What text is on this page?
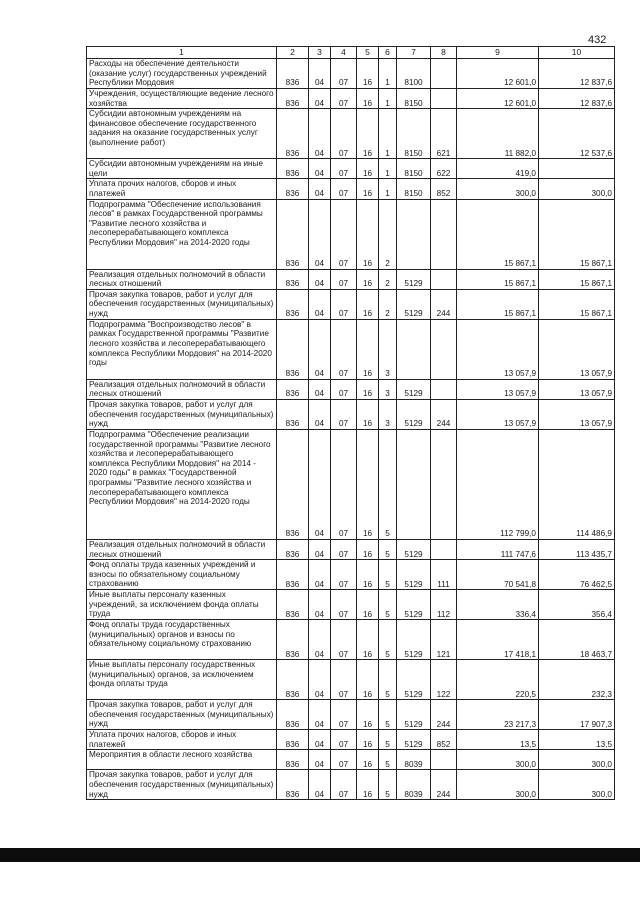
432
1	2	3	4	5	6	7	8	9	10
Расходы на обеспечение деятельности (оказание услуг) государственных учреждений Республики Мордовия	836	04	07	16	1	8100		12 601,0	12 837,6
Учреждения, осуществляющие ведение лесного хозяйства	836	04	07	16	1	8150		12 601,0	12 837,6
Субсидии автономным учреждениям на финансовое обеспечение государственного задания на оказание государственных услуг (выполнение работ)	836	04	07	16	1	8150	621	11 882,0	12 537,6
Субсидии автономным учреждениям на иные цели	836	04	07	16	1	8150	622	419,0	
Уплата прочих налогов, сборов и иных платежей	836	04	07	16	1	8150	852	300,0	300,0
Подпрограмма "Обеспечение использования лесов" в рамках Государственной программы "Развитие лесного хозяйства и лесоперерабатывающего комплекса Республики Мордовия" на 2014-2020 годы	836	04	07	16	2			15 867,1	15 867,1
Реализация отдельных полномочий в области лесных отношений	836	04	07	16	2	5129		15 867,1	15 867,1
Прочая закупка товаров, работ и услуг для обеспечения государственных (муниципальных) нужд	836	04	07	16	2	5129	244	15 867,1	15 867,1
Подпрограмма "Воспроизводство лесов" в рамках Государственной программы "Развитие лесного хозяйства и лесоперерабатывающего комплекса Республики Мордовия" на 2014-2020 годы	836	04	07	16	3			13 057,9	13 057,9
Реализация отдельных полномочий в области лесных отношений	836	04	07	16	3	5129		13 057,9	13 057,9
Прочая закупка товаров, работ и услуг для обеспечения государственных (муниципальных) нужд	836	04	07	16	3	5129	244	13 057,9	13 057,9
Подпрограмма "Обеспечение реализации государственной программы "Развитие лесного хозяйства и лесоперерабатывающего комплекса Республики Мордовия" на 2014 - 2020 годы" в рамках "Государственной программы "Развитие лесного хозяйства и лесоперерабатывающего комплекса Республики Мордовия" на 2014-2020 годы	836	04	07	16	5			112 799,0	114 486,9
Реализация отдельных полномочий в области лесных отношений	836	04	07	16	5	5129		111 747,6	113 435,7
Фонд оплаты труда казенных учреждений и взносы по обязательному социальному страхованию	836	04	07	16	5	5129	111	70 541,8	76 462,5
Иные выплаты персоналу казенных учреждений, за исключением фонда оплаты труда	836	04	07	16	5	5129	112	336,4	356,4
Фонд оплаты труда государственных (муниципальных) органов и взносы по обязательному социальному страхованию	836	04	07	16	5	5129	121	17 418,1	18 463,7
Иные выплаты персоналу государственных (муниципальных) органов, за исключением фонда оплаты труда	836	04	07	16	5	5129	122	220,5	232,3
Прочая закупка товаров, работ и услуг для обеспечения государственных (муниципальных) нужд	836	04	07	16	5	5129	244	23 217,3	17 907,3
Уплата прочих налогов, сборов и иных платежей	836	04	07	16	5	5129	852	13,5	13,5
Мероприятия в области лесного хозяйства	836	04	07	16	5	8039		300,0	300,0
Прочая закупка товаров, работ и услуг для обеспечения государственных (муниципальных) нужд	836	04	07	16	5	8039	244	300,0	300,0
